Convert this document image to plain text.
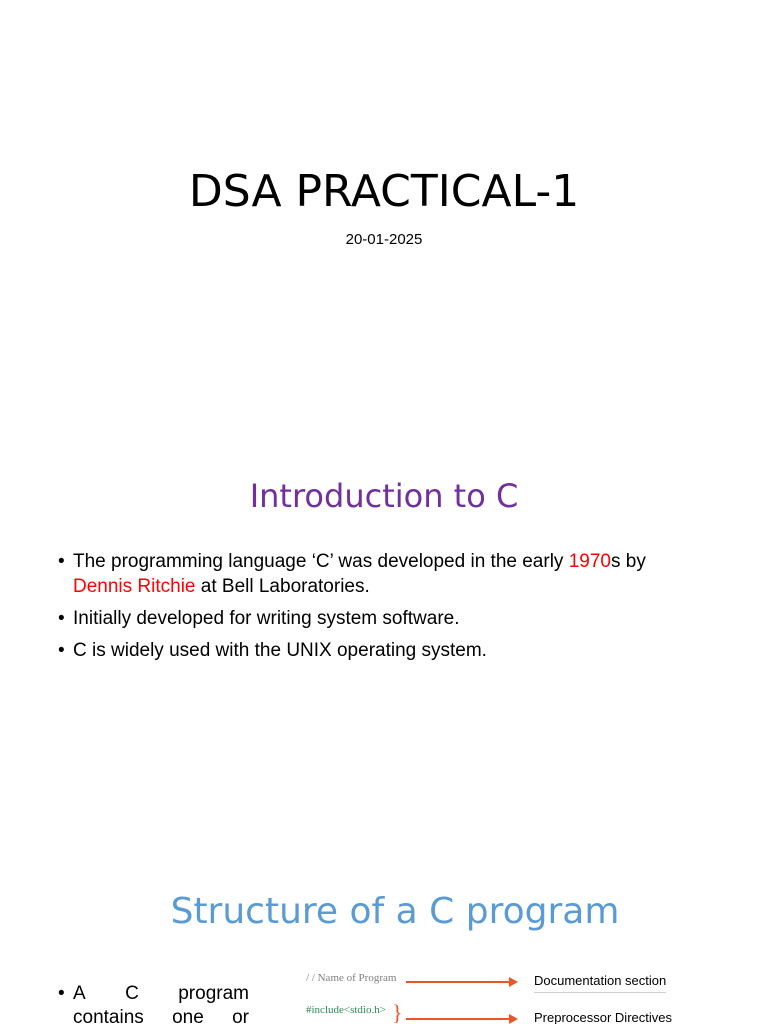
DSA PRACTICAL-1
20-01-2025
Introduction to C
• The programming language ‘C’ was developed in the early 1970s by
Dennis Ritchie at Bell Laboratories.
• Initially developed for writing system software.
• C is widely used with the UNIX operating system.
Structure of a C program
• A C program
contains one or
/ / Name of Program	Documentation section
#include<stdio.h> }	Preprocessor Directives
